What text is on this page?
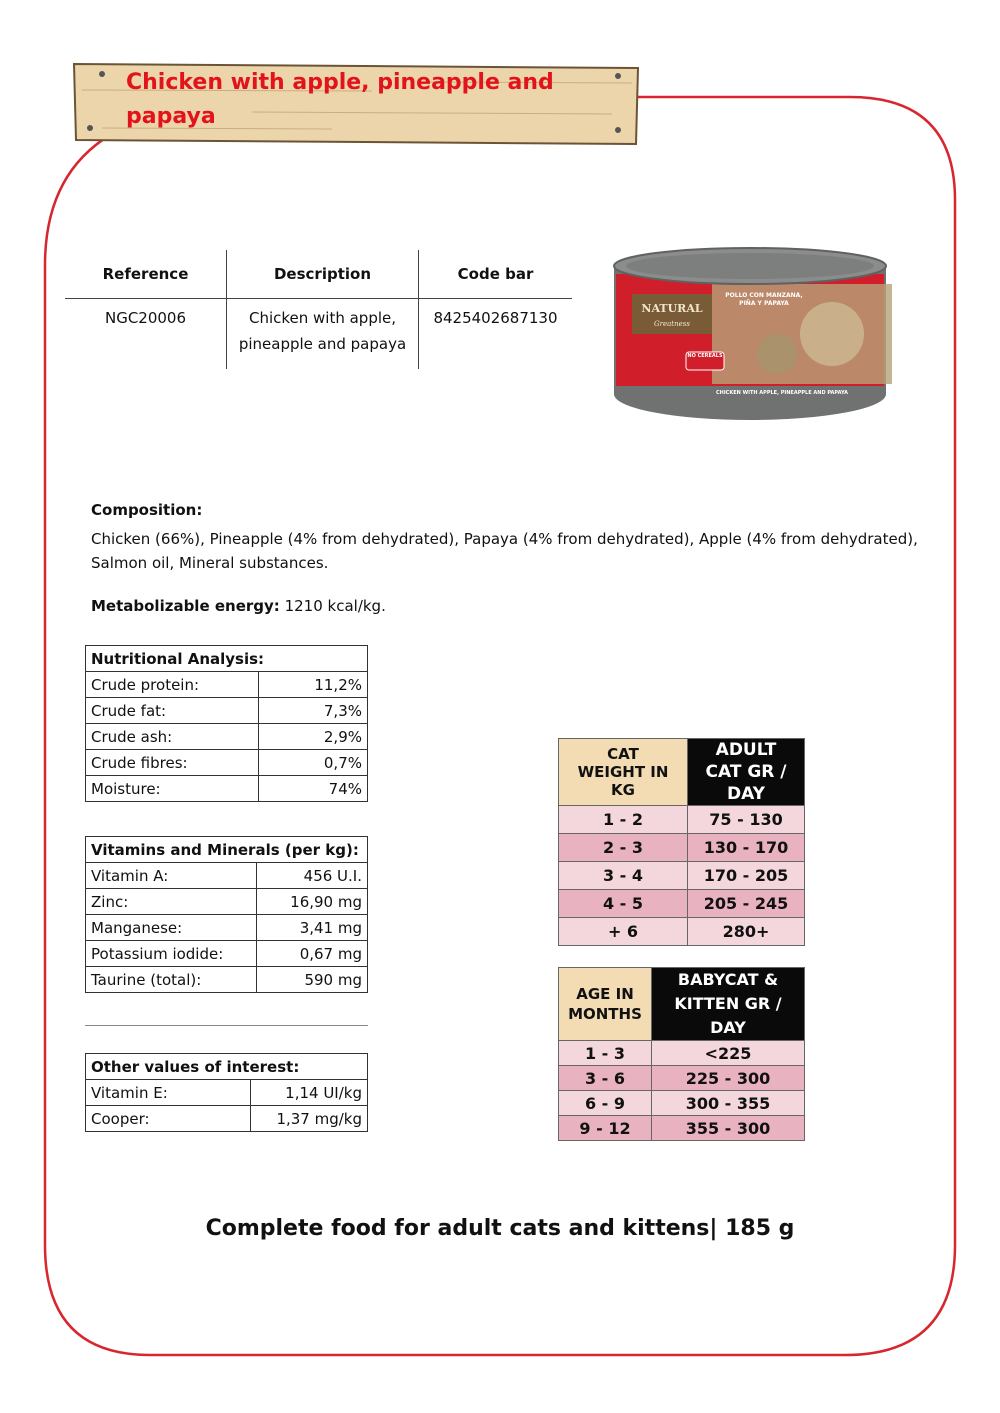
Chicken with apple, pineapple and papaya
Reference	Description	Code bar
NGC20006	Chicken with apple, pineapple and papaya	8425402687130
NATURAL
Greatness
POLLO CON MANZANA, PIÑA Y PAPAYA
NO CEREALS
CHICKEN WITH APPLE, PINEAPPLE AND PAPAYA
Composition:
Chicken (66%), Pineapple (4% from dehydrated), Papaya (4% from dehydrated), Apple (4% from dehydrated), Salmon oil, Mineral substances.
Metabolizable energy: 1210 kcal/kg.
Nutritional Analysis:	
Crude protein:	11,2%
Crude fat:	7,3%
Crude ash:	2,9%
Crude fibres:	0,7%
Moisture:	74%
Vitamins and Minerals (per kg):	
Vitamin A:	456 U.I.
Zinc:	16,90 mg
Manganese:	3,41 mg
Potassium iodide:	0,67 mg
Taurine (total):	590 mg
Other values of interest:	
Vitamin E:	1,14 UI/kg
Cooper:	1,37 mg/kg
CAT WEIGHT IN KG	ADULT CAT GR / DAY
1 - 2	75 - 130
2 - 3	130 - 170
3 - 4	170 - 205
4 - 5	205 - 245
+ 6	280+
AGE IN MONTHS	BABYCAT & KITTEN GR / DAY
1 - 3	<225
3 - 6	225 - 300
6 - 9	300 - 355
9 - 12	355 - 300
Complete food for adult cats and kittens| 185 g
